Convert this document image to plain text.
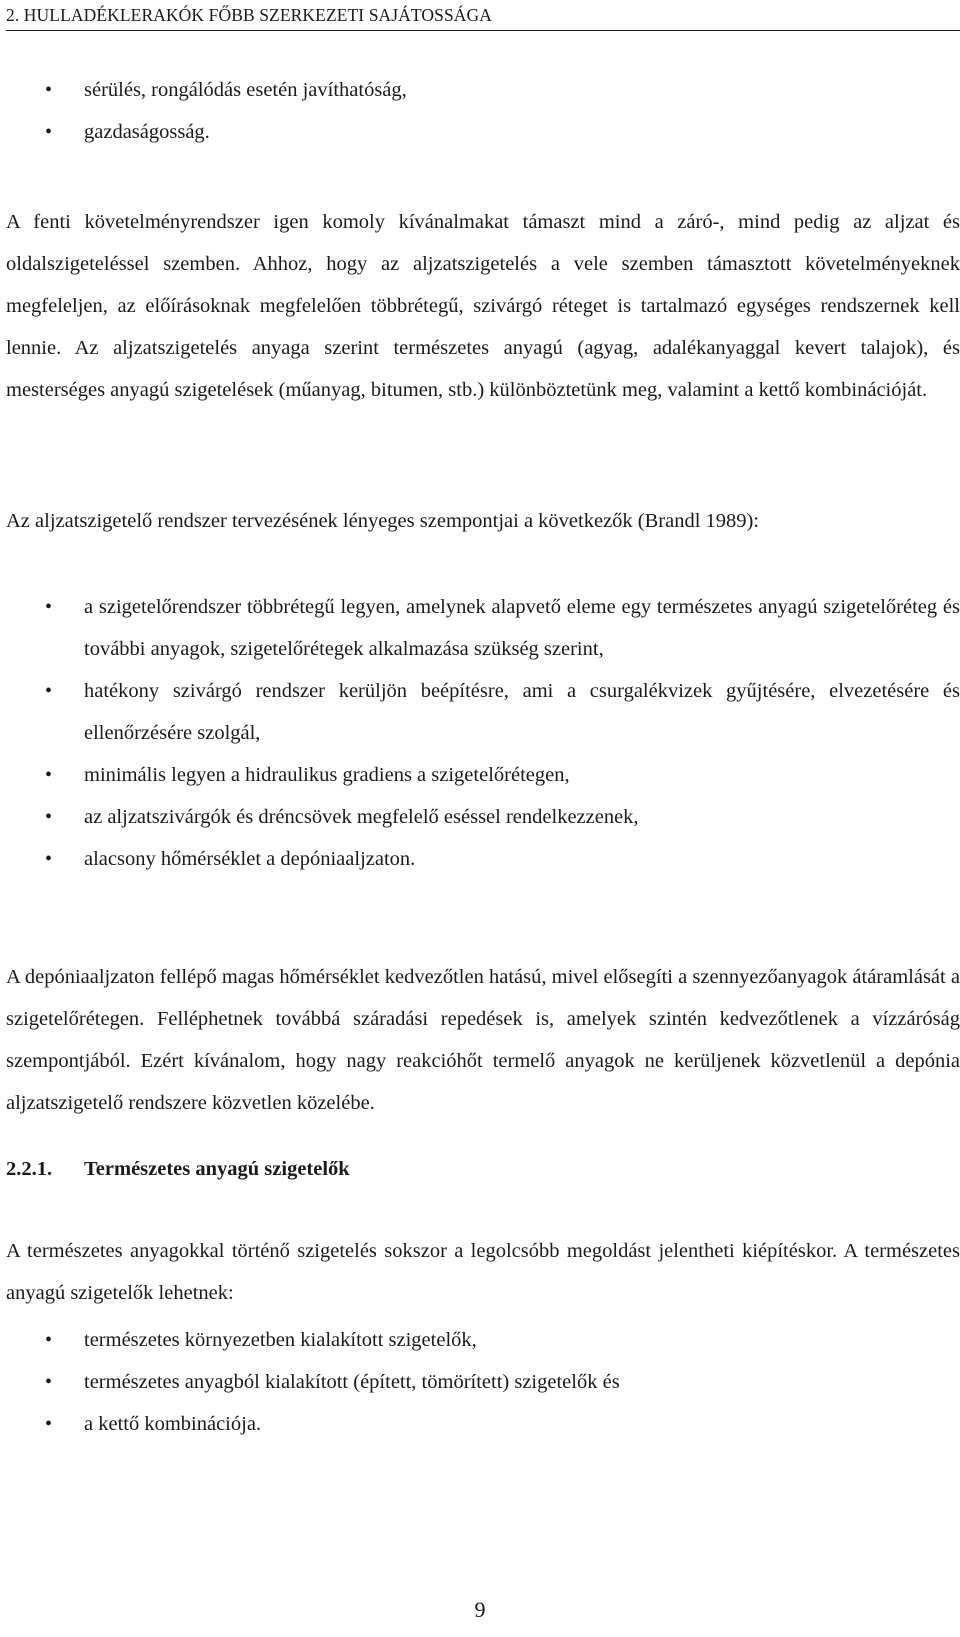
2. HULLADÉKLERAKÓK FŐBB SZERKEZETI SAJÁTOSSÁGA
• sérülés, rongálódás esetén javíthatóság,
• gazdaságosság.
A fenti követelményrendszer igen komoly kívánalmakat támaszt mind a záró-, mind pedig az aljzat és oldalszigeteléssel szemben. Ahhoz, hogy az aljzatszigetelés a vele szemben támasztott követelményeknek megfeleljen, az előírásoknak megfelelően többrétegű, szivárgó réteget is tartalmazó egységes rendszernek kell lennie. Az aljzatszigetelés anyaga szerint természetes anyagú (agyag, adalékanyaggal kevert talajok), és mesterséges anyagú szigetelések (műanyag, bitumen, stb.) különböztetünk meg, valamint a kettő kombinációját.
Az aljzatszigetelő rendszer tervezésének lényeges szempontjai a következők (Brandl 1989):
• a szigetelőrendszer többrétegű legyen, amelynek alapvető eleme egy természetes anyagú szigetelőréteg és további anyagok, szigetelőrétegek alkalmazása szükség szerint,
• hatékony szivárgó rendszer kerüljön beépítésre, ami a csurgalékvizek gyűjtésére, elvezetésére és ellenőrzésére szolgál,
• minimális legyen a hidraulikus gradiens a szigetelőrétegen,
• az aljzatszivárgók és dréncsövek megfelelő eséssel rendelkezzenek,
• alacsony hőmérséklet a depóniaaljzaton.
A depóniaaljzaton fellépő magas hőmérséklet kedvezőtlen hatású, mivel elősegíti a szennyezőanyagok átáramlását a szigetelőrétegen. Felléphetnek továbbá száradási repedések is, amelyek szintén kedvezőtlenek a vízzáróság szempontjából. Ezért kívánalom, hogy nagy reakcióhőt termelő anyagok ne kerüljenek közvetlenül a depónia aljzatszigetelő rendszere közvetlen közelébe.
2.2.1. Természetes anyagú szigetelők
A természetes anyagokkal történő szigetelés sokszor a legolcsóbb megoldást jelentheti kiépítéskor. A természetes anyagú szigetelők lehetnek:
• természetes környezetben kialakított szigetelők,
• természetes anyagból kialakított (épített, tömörített) szigetelők és
• a kettő kombinációja.
9
